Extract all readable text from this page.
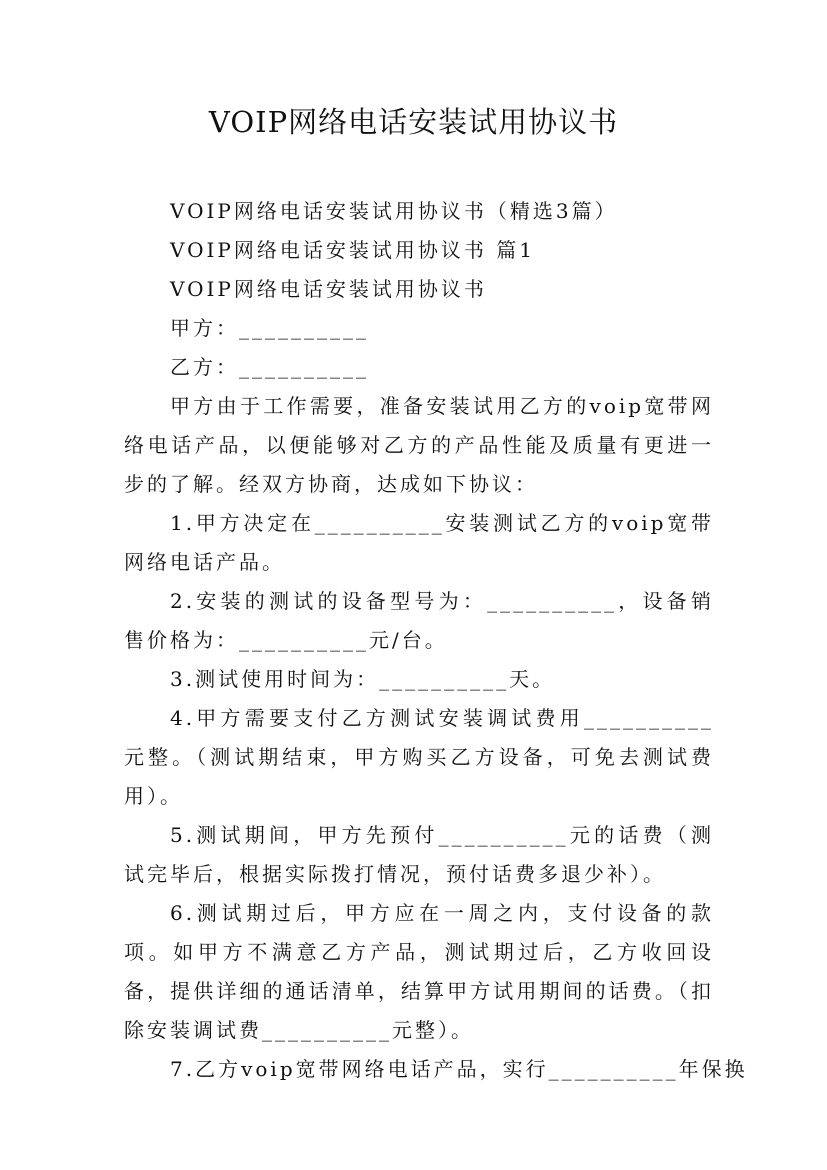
VOIP网络电话安装试用协议书

VOIP网络电话安装试用协议书（精选3篇）

VOIP网络电话安装试用协议书 篇1

VOIP网络电话安装试用协议书

甲方：__________

乙方：__________

甲方由于工作需要，准备安装试用乙方的voip宽带网络电话产品，以便能够对乙方的产品性能及质量有更进一步的了解。经双方协商，达成如下协议：

1.甲方决定在__________安装测试乙方的voip宽带网络电话产品。

2.安装的测试的设备型号为：__________，设备销售价格为：__________元/台。

3.测试使用时间为：__________天。

4.甲方需要支付乙方测试安装调试费用__________元整。（测试期结束，甲方购买乙方设备，可免去测试费用）。

5.测试期间，甲方先预付__________元的话费（测试完毕后，根据实际拨打情况，预付话费多退少补）。

6.测试期过后，甲方应在一周之内，支付设备的款项。如甲方不满意乙方产品，测试期过后，乙方收回设备，提供详细的通话清单，结算甲方试用期间的话费。（扣除安装调试费__________元整）。

7.乙方voip宽带网络电话产品，实行__________年保换
